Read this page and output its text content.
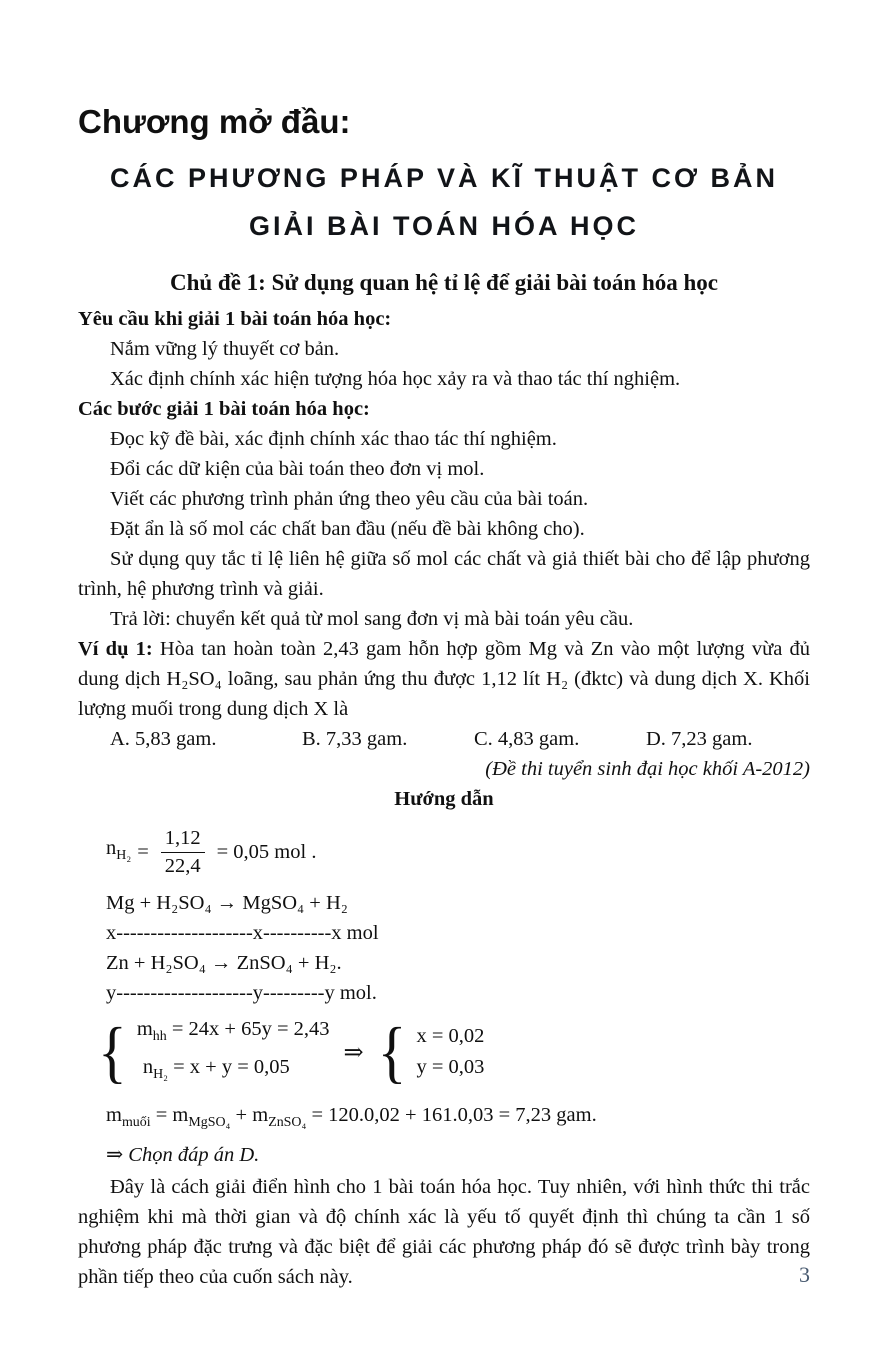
Chương mở đầu:
CÁC PHƯƠNG PHÁP VÀ KĨ THUẬT CƠ BẢN
GIẢI BÀI TOÁN HÓA HỌC
Chủ đề 1: Sử dụng quan hệ tỉ lệ để giải bài toán hóa học

Yêu cầu khi giải 1 bài toán hóa học:

Nắm vững lý thuyết cơ bản.

Xác định chính xác hiện tượng hóa học xảy ra và thao tác thí nghiệm.

Các bước giải 1 bài toán hóa học:

Đọc kỹ đề bài, xác định chính xác thao tác thí nghiệm.

Đổi các dữ kiện của bài toán theo đơn vị mol.

Viết các phương trình phản ứng theo yêu cầu của bài toán.

Đặt ẩn là số mol các chất ban đầu (nếu đề bài không cho).

Sử dụng quy tắc tỉ lệ liên hệ giữa số mol các chất và giả thiết bài cho để lập phương trình, hệ phương trình và giải.

Trả lời: chuyển kết quả từ mol sang đơn vị mà bài toán yêu cầu.

Ví dụ 1: Hòa tan hoàn toàn 2,43 gam hỗn hợp gồm Mg và Zn vào một lượng vừa đủ dung dịch H₂SO₄ loãng, sau phản ứng thu được 1,12 lít H₂ (đktc) và dung dịch X. Khối lượng muối trong dung dịch X là

A. 5,83 gam.	B. 7,33 gam.	C. 4,83 gam.	D. 7,23 gam.

(Đề thi tuyển sinh đại học khối A-2012)

Hướng dẫn

$n_{H_2} = \frac{1,12}{22,4} = 0,05$ mol .

Mg + H₂SO₄ → MgSO₄ + H₂

x--------------------x----------x mol

Zn + H₂SO₄ → ZnSO₄ + H₂.

y--------------------y---------y mol.

{ $m_{hh} = 24x + 65y = 2,43$
$n_{H_2} = x + y = 0,05$
⇒ { x = 0,02
y = 0,03

$m_{muối} = m_{MgSO_4} + m_{ZnSO_4} = 120.0,02 + 161.0,03 = 7,23$ gam.

⇒ Chọn đáp án D.

Đây là cách giải điển hình cho 1 bài toán hóa học. Tuy nhiên, với hình thức thi trắc nghiệm khi mà thời gian và độ chính xác là yếu tố quyết định thì chúng ta cần 1 số phương pháp đặc trưng và đặc biệt để giải các phương pháp đó sẽ được trình bày trong phần tiếp theo của cuốn sách này.	3
